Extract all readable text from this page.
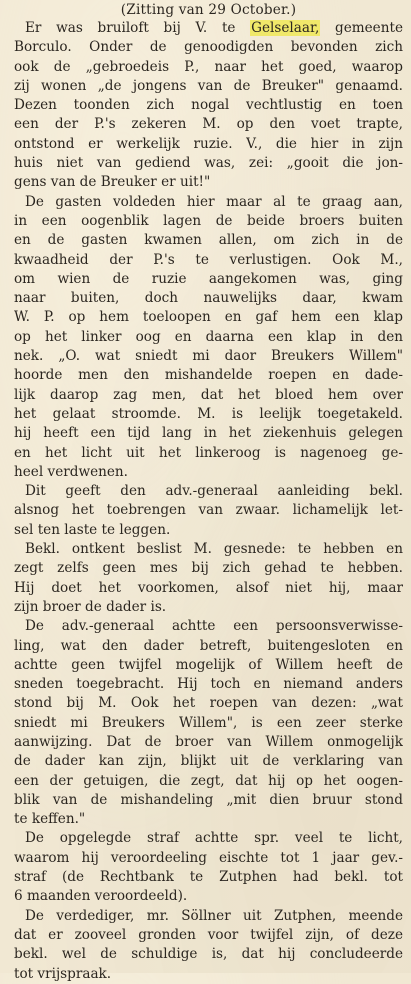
(Zitting van 29 October.)
Er was bruiloft bij V. te Gelselaar, gemeente
Borculo. Onder de genoodigden bevonden zich
ook de „gebroedeis P., naar het goed, waarop
zij wonen „de jongens van de Breuker" genaamd.
Dezen toonden zich nogal vechtlustig en toen
een der P.'s zekeren M. op den voet trapte,
ontstond er werkelijk ruzie. V., die hier in zijn
huis niet van gediend was, zei: „gooit die jon-
gens van de Breuker er uit!"
De gasten voldeden hier maar al te graag aan,
in een oogenblik lagen de beide broers buiten
en de gasten kwamen allen, om zich in de
kwaadheid der P.'s te verlustigen. Ook M.,
om wien de ruzie aangekomen was, ging
naar buiten, doch nauwelijks daar, kwam
W. P. op hem toeloopen en gaf hem een klap
op het linker oog en daarna een klap in den
nek. „O. wat sniedt mi daor Breukers Willem"
hoorde men den mishandelde roepen en dade-
lijk daarop zag men, dat het bloed hem over
het gelaat stroomde. M. is leelijk toegetakeld.
hij heeft een tijd lang in het ziekenhuis gelegen
en het licht uit het linkeroog is nagenoeg ge-
heel verdwenen.
Dit geeft den adv.-generaal aanleiding bekl.
alsnog het toebrengen van zwaar. lichamelijk let-
sel ten laste te leggen.
Bekl. ontkent beslist M. gesnede: te hebben en
zegt zelfs geen mes bij zich gehad te hebben.
Hij doet het voorkomen, alsof niet hij, maar
zijn broer de dader is.
De adv.-generaal achtte een persoonsverwisse-
ling, wat den dader betreft, buitengesloten en
achtte geen twijfel mogelijk of Willem heeft de
sneden toegebracht. Hij toch en niemand anders
stond bij M. Ook het roepen van dezen: „wat
sniedt mi Breukers Willem", is een zeer sterke
aanwijzing. Dat de broer van Willem onmogelijk
de dader kan zijn, blijkt uit de verklaring van
een der getuigen, die zegt, dat hij op het oogen-
blik van de mishandeling „mit dien bruur stond
te keffen."
De opgelegde straf achtte spr. veel te licht,
waarom hij veroordeeling eischte tot 1 jaar gev.-
straf (de Rechtbank te Zutphen had bekl. tot
6 maanden veroordeeld).
De verdediger, mr. Söllner uit Zutphen, meende
dat er zooveel gronden voor twijfel zijn, of deze
bekl. wel de schuldige is, dat hij concludeerde
tot vrijspraak.
